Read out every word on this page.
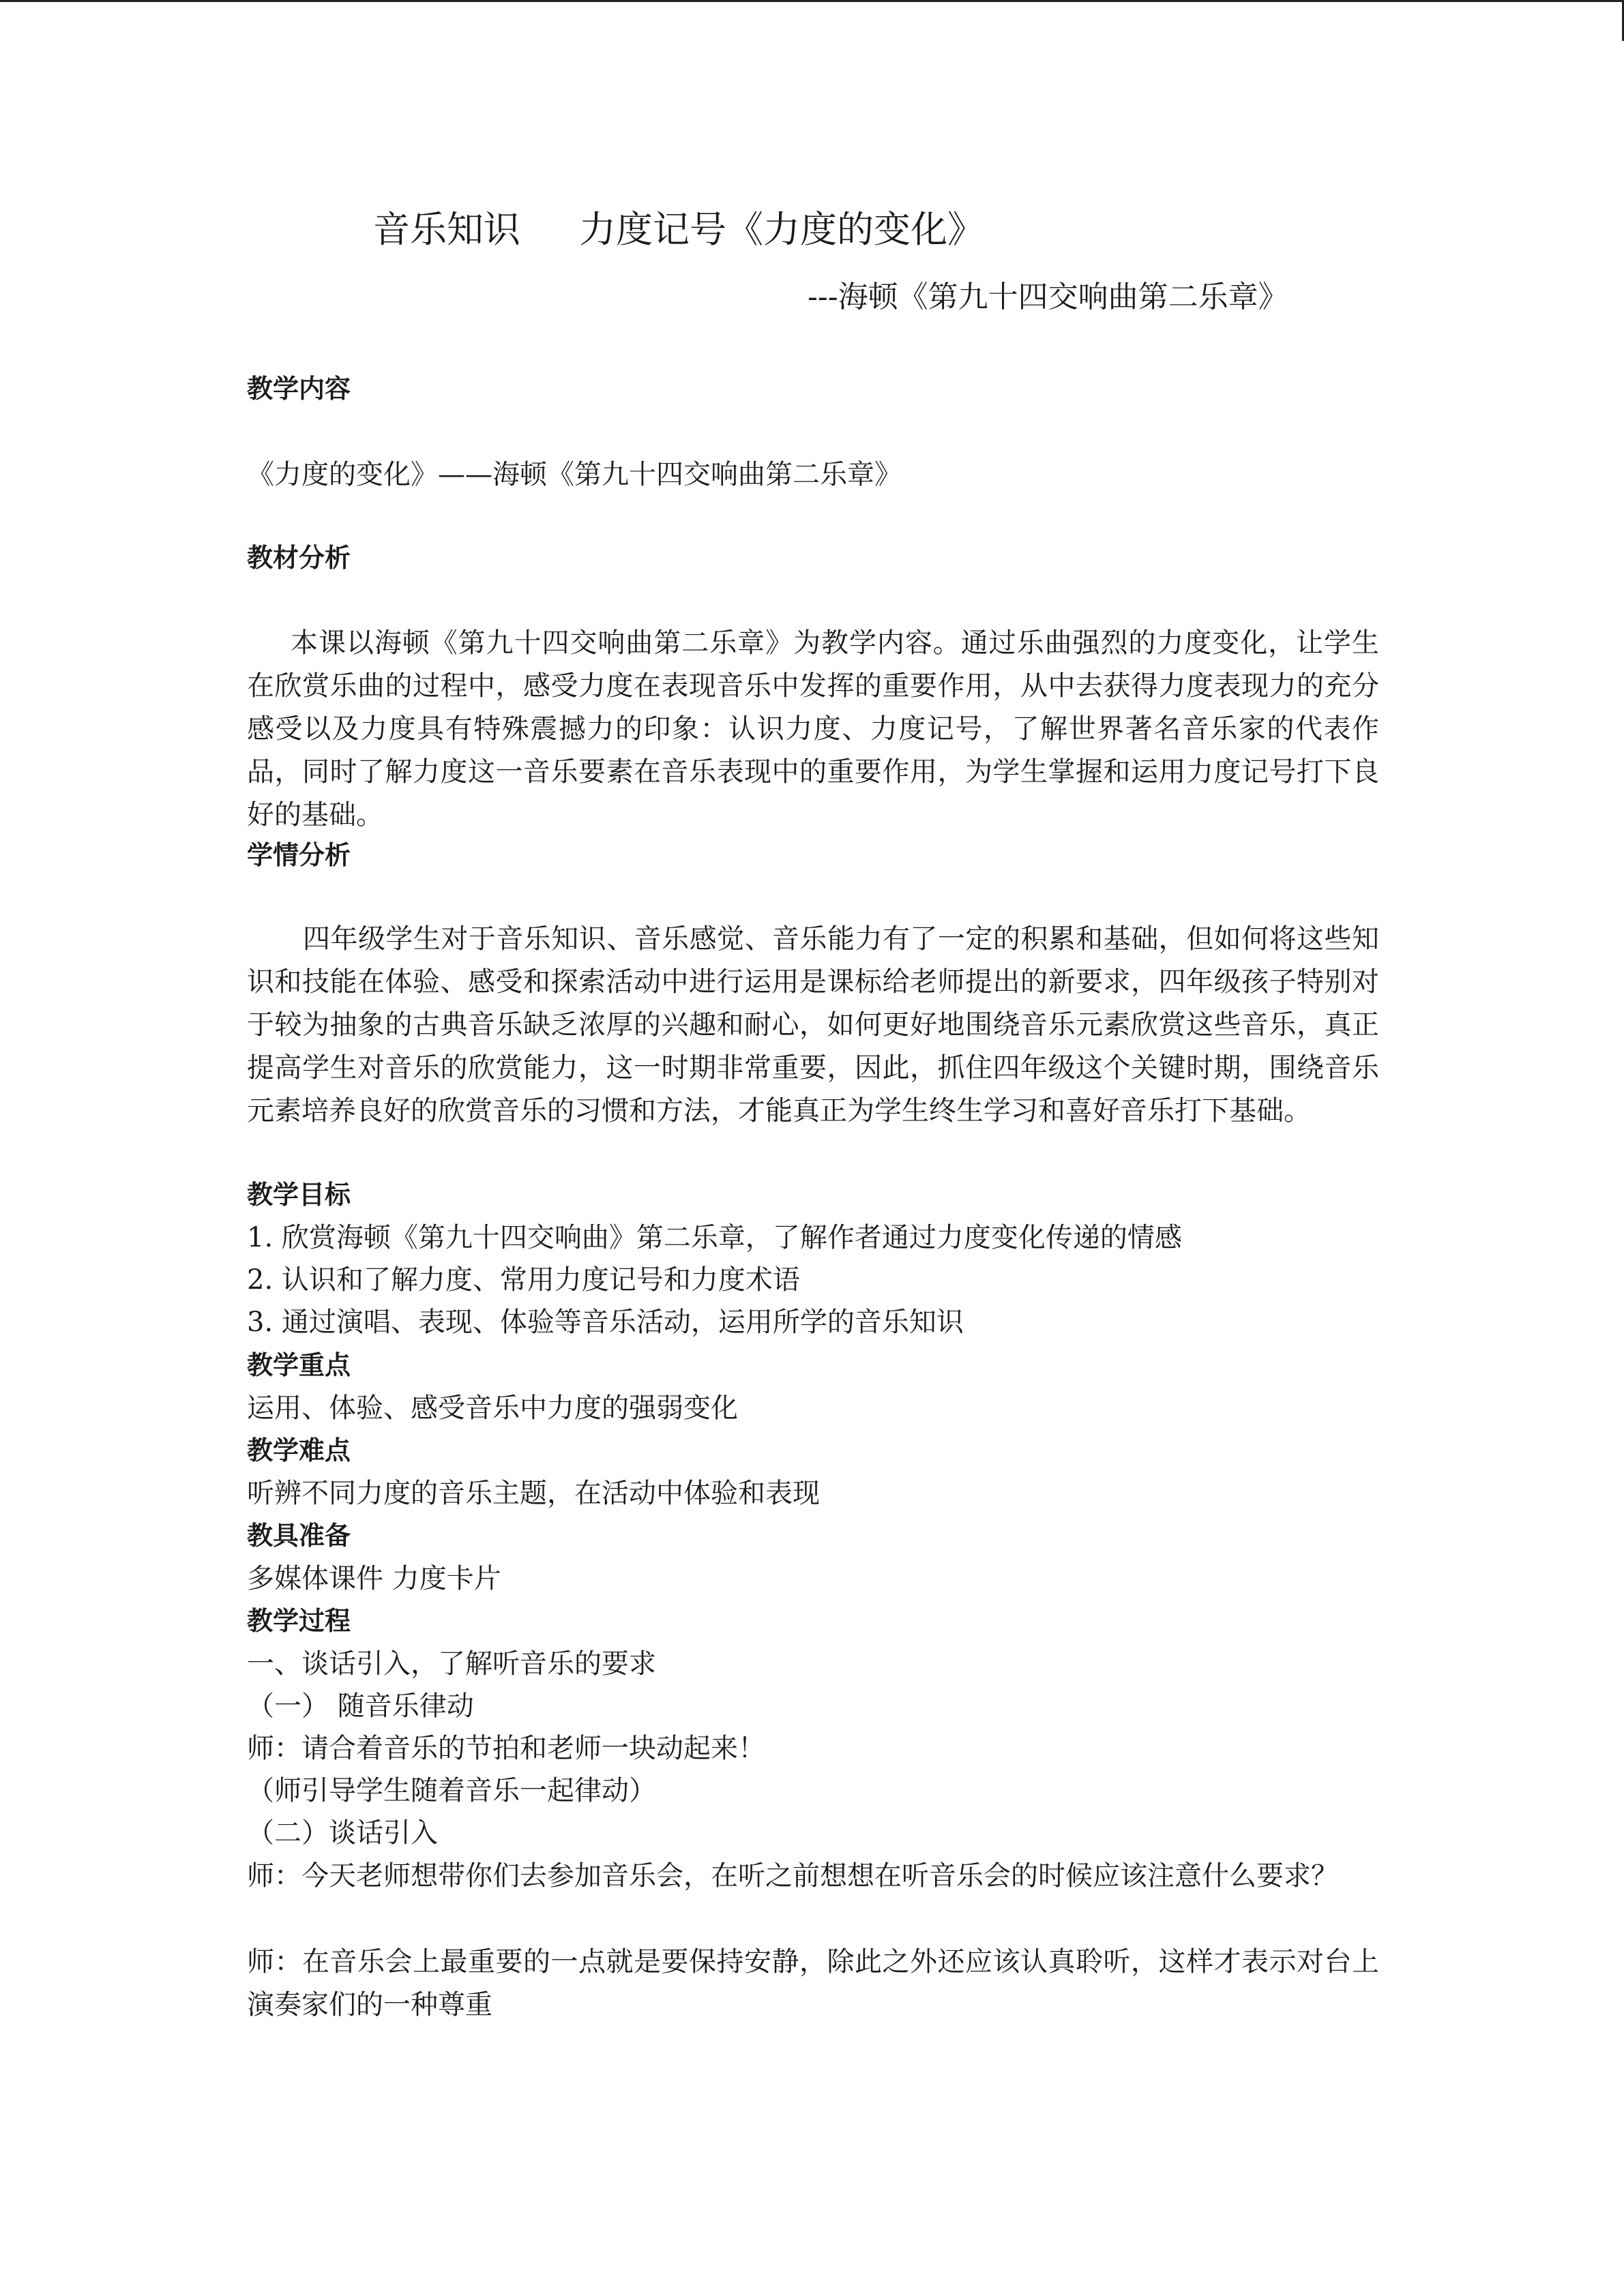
音乐知识 力度记号《力度的变化》
---海顿《第九十四交响曲第二乐章》
教学内容
《力度的变化》——海顿《第九十四交响曲第二乐章》
教材分析
本课以海顿《第九十四交响曲第二乐章》为教学内容。通过乐曲强烈的力度变化，让学生在欣赏乐曲的过程中，感受力度在表现音乐中发挥的重要作用，从中去获得力度表现力的充分感受以及力度具有特殊震撼力的印象：认识力度、力度记号，了解世界著名音乐家的代表作品，同时了解力度这一音乐要素在音乐表现中的重要作用，为学生掌握和运用力度记号打下良好的基础。
学情分析
四年级学生对于音乐知识、音乐感觉、音乐能力有了一定的积累和基础，但如何将这些知识和技能在体验、感受和探索活动中进行运用是课标给老师提出的新要求，四年级孩子特别对于较为抽象的古典音乐缺乏浓厚的兴趣和耐心，如何更好地围绕音乐元素欣赏这些音乐，真正提高学生对音乐的欣赏能力，这一时期非常重要，因此，抓住四年级这个关键时期，围绕音乐元素培养良好的欣赏音乐的习惯和方法，才能真正为学生终生学习和喜好音乐打下基础。
教学目标
1. 欣赏海顿《第九十四交响曲》第二乐章，了解作者通过力度变化传递的情感
2. 认识和了解力度、常用力度记号和力度术语
3. 通过演唱、表现、体验等音乐活动，运用所学的音乐知识
教学重点
运用、体验、感受音乐中力度的强弱变化
教学难点
听辨不同力度的音乐主题，在活动中体验和表现
教具准备
多媒体课件 力度卡片
教学过程
一、谈话引入，了解听音乐的要求
（一） 随音乐律动
师：请合着音乐的节拍和老师一块动起来！
（师引导学生随着音乐一起律动）
（二）谈话引入
师：今天老师想带你们去参加音乐会，在听之前想想在听音乐会的时候应该注意什么要求？
师：在音乐会上最重要的一点就是要保持安静，除此之外还应该认真聆听，这样才表示对台上演奏家们的一种尊重
